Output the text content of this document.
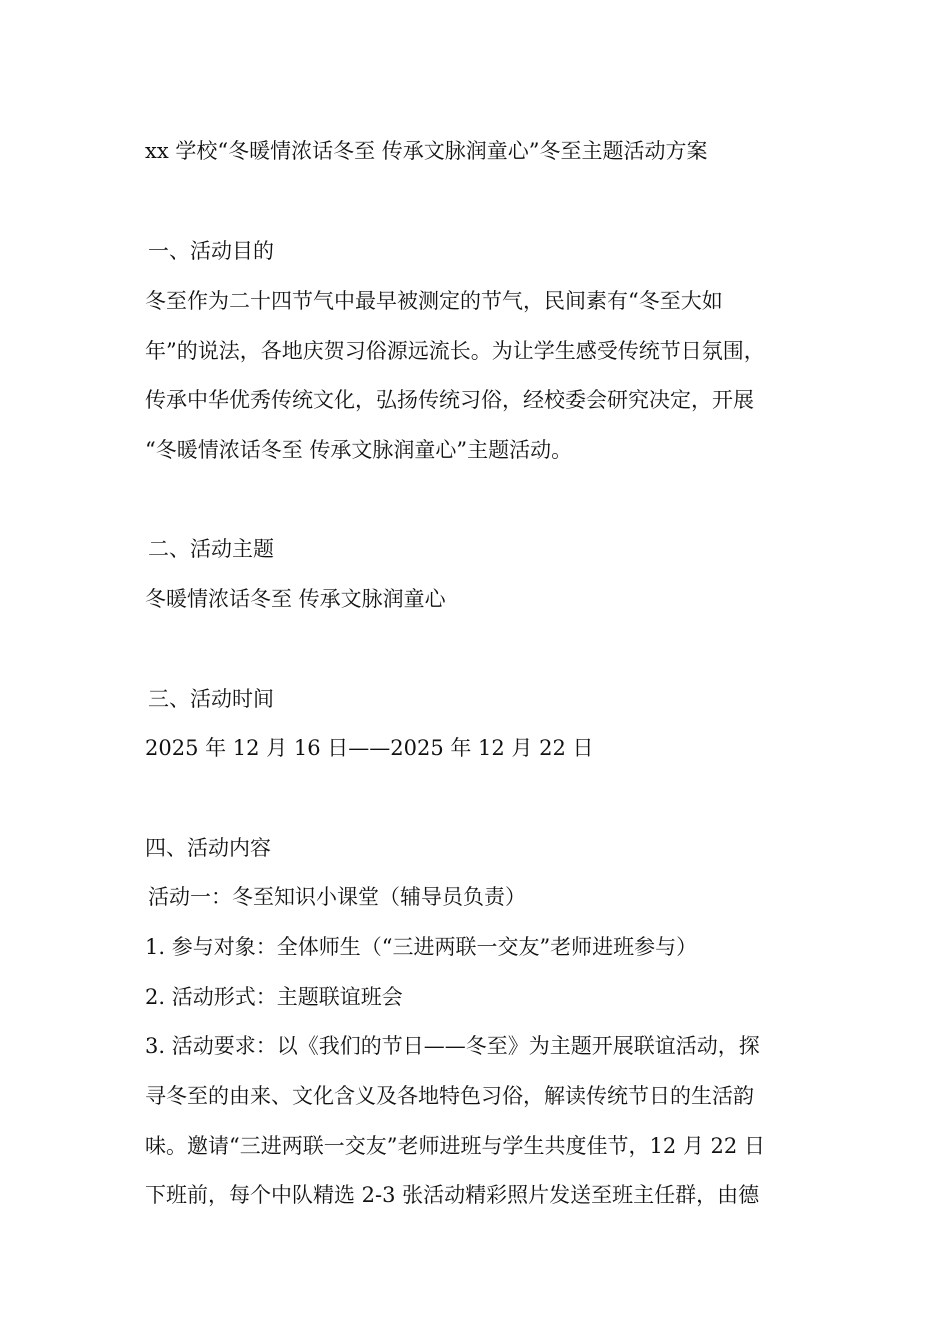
xx 学校“冬暖情浓话冬至 传承文脉润童心”冬至主题活动方案
一、活动目的
冬至作为二十四节气中最早被测定的节气，民间素有“冬至大如
年”的说法，各地庆贺习俗源远流长。为让学生感受传统节日氛围，
传承中华优秀传统文化，弘扬传统习俗，经校委会研究决定，开展
“冬暖情浓话冬至 传承文脉润童心”主题活动。
二、活动主题
冬暖情浓话冬至 传承文脉润童心
三、活动时间
2025 年 12 月 16 日——2025 年 12 月 22 日
四、活动内容
活动一：冬至知识小课堂（辅导员负责）
1. 参与对象：全体师生（“三进两联一交友”老师进班参与）
2. 活动形式：主题联谊班会
3. 活动要求：以《我们的节日——冬至》为主题开展联谊活动，探
寻冬至的由来、文化含义及各地特色习俗，解读传统节日的生活韵
味。邀请“三进两联一交友”老师进班与学生共度佳节，12 月 22 日
下班前，每个中队精选 2-3 张活动精彩照片发送至班主任群，由德
